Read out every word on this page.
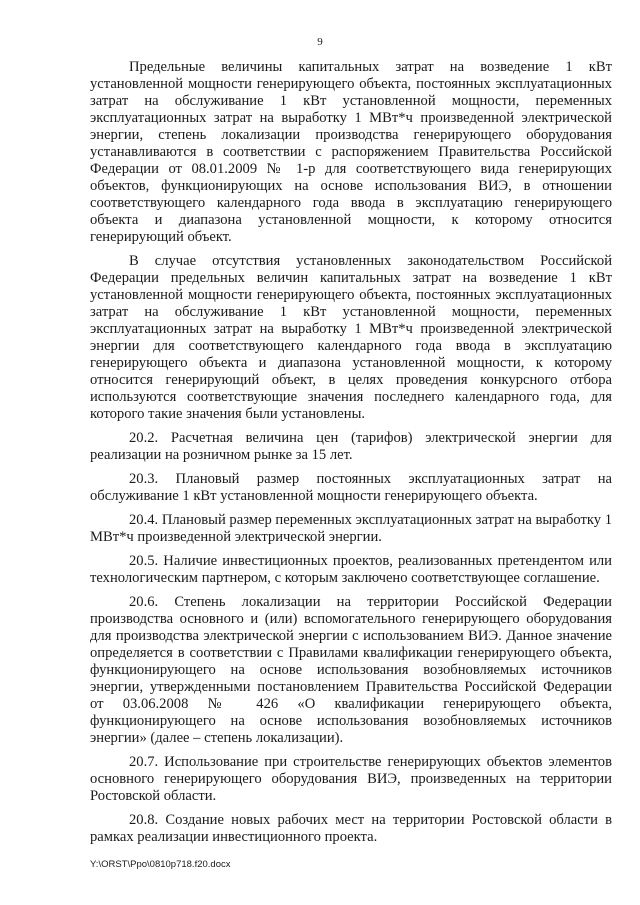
9

Предельные величины капитальных затрат на возведение 1 кВт установленной мощности генерирующего объекта, постоянных эксплуатационных затрат на обслуживание 1 кВт установленной мощности, переменных эксплуатационных затрат на выработку 1 МВт*ч произведенной электрической энергии, степень локализации производства генерирующего оборудования устанавливаются в соответствии с распоряжением Правительства Российской Федерации от 08.01.2009 № 1-р для соответствующего вида генерирующих объектов, функционирующих на основе использования ВИЭ, в отношении соответствующего календарного года ввода в эксплуатацию генерирующего объекта и диапазона установленной мощности, к которому относится генерирующий объект.

В случае отсутствия установленных законодательством Российской Федерации предельных величин капитальных затрат на возведение 1 кВт установленной мощности генерирующего объекта, постоянных эксплуатационных затрат на обслуживание 1 кВт установленной мощности, переменных эксплуатационных затрат на выработку 1 МВт*ч произведенной электрической энергии для соответствующего календарного года ввода в эксплуатацию генерирующего объекта и диапазона установленной мощности, к которому относится генерирующий объект, в целях проведения конкурсного отбора используются соответствующие значения последнего календарного года, для которого такие значения были установлены.

20.2. Расчетная величина цен (тарифов) электрической энергии для реализации на розничном рынке за 15 лет.

20.3. Плановый размер постоянных эксплуатационных затрат на обслуживание 1 кВт установленной мощности генерирующего объекта.

20.4. Плановый размер переменных эксплуатационных затрат на выработку 1 МВт*ч произведенной электрической энергии.

20.5. Наличие инвестиционных проектов, реализованных претендентом или технологическим партнером, с которым заключено соответствующее соглашение.

20.6. Степень локализации на территории Российской Федерации производства основного и (или) вспомогательного генерирующего оборудования для производства электрической энергии с использованием ВИЭ. Данное значение определяется в соответствии с Правилами квалификации генерирующего объекта, функционирующего на основе использования возобновляемых источников энергии, утвержденными постановлением Правительства Российской Федерации от 03.06.2008 № 426 «О квалификации генерирующего объекта, функционирующего на основе использования возобновляемых источников энергии» (далее – степень локализации).

20.7. Использование при строительстве генерирующих объектов элементов основного генерирующего оборудования ВИЭ, произведенных на территории Ростовской области.

20.8. Создание новых рабочих мест на территории Ростовской области в рамках реализации инвестиционного проекта.

Y:\ORST\Ppo\0810p718.f20.docx
